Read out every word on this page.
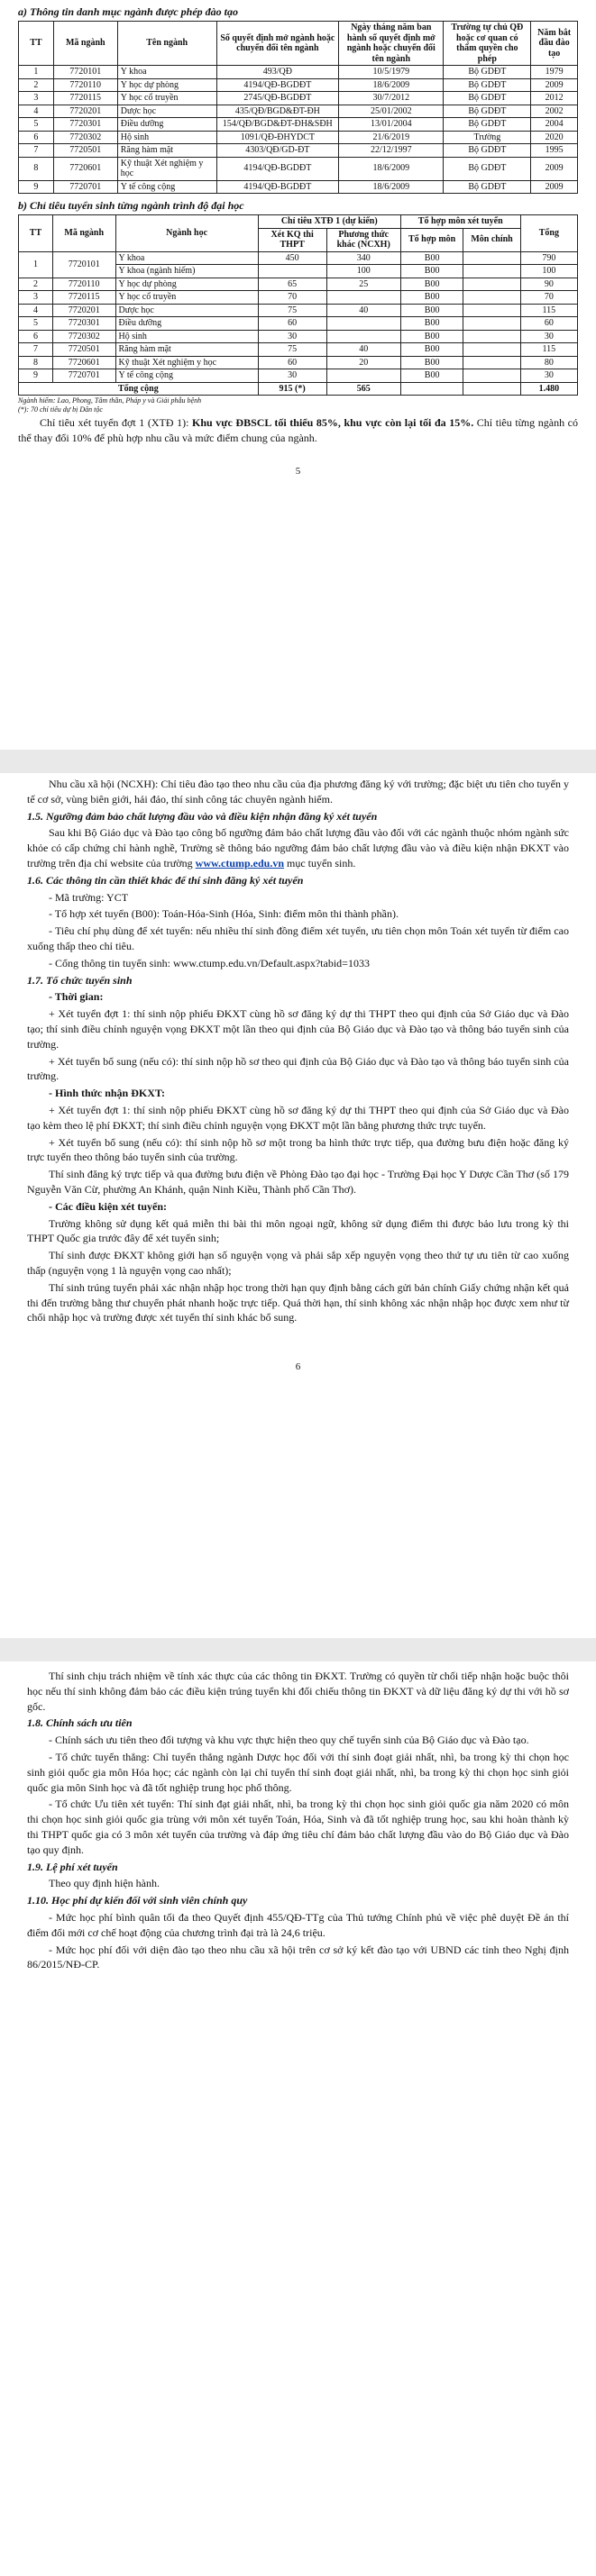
a) Thông tin danh mục ngành được phép đào tạo
TT	Mã ngành	Tên ngành	Số quyết định mở ngành hoặc chuyển đổi tên ngành	Ngày tháng năm ban hành số quyết định mở ngành hoặc chuyển đổi tên ngành	Trường tự chủ QĐ hoặc cơ quan có thẩm quyền cho phép	Năm bắt đầu đào tạo
1	7720101	Y khoa	493/QĐ	10/5/1979	Bộ GDĐT	1979
2	7720110	Y học dự phòng	4194/QĐ-BGDĐT	18/6/2009	Bộ GDĐT	2009
3	7720115	Y học cổ truyền	2745/QĐ-BGDĐT	30/7/2012	Bộ GDĐT	2012
4	7720201	Dược học	435/QĐ/BGD&ĐT-ĐH	25/01/2002	Bộ GDĐT	2002
5	7720301	Điều dưỡng	154/QĐ/BGD&ĐT-ĐH&SĐH	13/01/2004	Bộ GDĐT	2004
6	7720302	Hộ sinh	1091/QĐ-ĐHYDCT	21/6/2019	Trường	2020
7	7720501	Răng hàm mặt	4303/QĐ/GD-ĐT	22/12/1997	Bộ GDĐT	1995
8	7720601	Kỹ thuật Xét nghiệm y học	4194/QĐ-BGDĐT	18/6/2009	Bộ GDĐT	2009
9	7720701	Y tế công cộng	4194/QĐ-BGDĐT	18/6/2009	Bộ GDĐT	2009
b) Chỉ tiêu tuyển sinh từng ngành trình độ đại học
TT	Mã ngành	Ngành học	Chỉ tiêu XTĐ 1 (dự kiến)		Tổ hợp môn xét tuyển		Tổng
			Xét KQ thi THPT	Phương thức khác (NCXH)	Tổ hợp môn	Môn chính	
1	7720101	Y khoa	450	340	B00		790
		Y khoa (ngành hiếm)		100	B00		100
2	7720110	Y học dự phòng	65	25	B00		90
3	7720115	Y học cổ truyền	70		B00		70
4	7720201	Dược học	75	40	B00		115
5	7720301	Điều dưỡng	60		B00		60
6	7720302	Hộ sinh	30		B00		30
7	7720501	Răng hàm mặt	75	40	B00		115
8	7720601	Kỹ thuật Xét nghiệm y học	60	20	B00		80
9	7720701	Y tế công cộng	30		B00		30
Tổng cộng			915 (*)	565			1.480
Ngành hiếm: Lao, Phong, Tâm thần, Pháp y và Giải phẫu bệnh
(*): 70 chỉ tiêu dự bị Dân tộc
Chỉ tiêu xét tuyển đợt 1 (XTĐ 1): Khu vực ĐBSCL tối thiểu 85%, khu vực còn lại tối đa 15%. Chỉ tiêu từng ngành có thể thay đổi 10% để phù hợp nhu cầu và mức điểm chung của ngành.
5
Nhu cầu xã hội (NCXH): Chỉ tiêu đào tạo theo nhu cầu của địa phương đăng ký với trường; đặc biệt ưu tiên cho tuyến y tế cơ sở, vùng biên giới, hải đảo, thí sinh công tác chuyên ngành hiếm.
1.5. Ngưỡng đảm bảo chất lượng đầu vào và điều kiện nhận đăng ký xét tuyển
Sau khi Bộ Giáo dục và Đào tạo công bố ngưỡng đảm bảo chất lượng đầu vào đối với các ngành thuộc nhóm ngành sức khỏe có cấp chứng chỉ hành nghề, Trường sẽ thông báo ngưỡng đảm bảo chất lượng đầu vào và điều kiện nhận ĐKXT vào trường trên địa chỉ website của trường www.ctump.edu.vn mục tuyển sinh.
1.6. Các thông tin cần thiết khác để thí sinh đăng ký xét tuyển
- Mã trường: YCT
- Tổ hợp xét tuyển (B00): Toán-Hóa-Sinh (Hóa, Sinh: điểm môn thi thành phần).
- Tiêu chí phụ dùng để xét tuyển: nếu nhiều thí sinh đồng điểm xét tuyển, ưu tiên chọn môn Toán xét tuyển từ điểm cao xuống thấp theo chỉ tiêu.
- Cổng thông tin tuyển sinh: www.ctump.edu.vn/Default.aspx?tabid=1033
1.7. Tổ chức tuyển sinh
- Thời gian:
+ Xét tuyển đợt 1: thí sinh nộp phiếu ĐKXT cùng hồ sơ đăng ký dự thi THPT theo qui định của Sở Giáo dục và Đào tạo; thí sinh điều chỉnh nguyện vọng ĐKXT một lần theo qui định của Bộ Giáo dục và Đào tạo và thông báo tuyển sinh của trường.
+ Xét tuyển bổ sung (nếu có): thí sinh nộp hồ sơ theo qui định của Bộ Giáo dục và Đào tạo và thông báo tuyển sinh của trường.
- Hình thức nhận ĐKXT:
+ Xét tuyển đợt 1: thí sinh nộp phiếu ĐKXT cùng hồ sơ đăng ký dự thi THPT theo qui định của Sở Giáo dục và Đào tạo kèm theo lệ phí ĐKXT; thí sinh điều chỉnh nguyện vọng ĐKXT một lần bằng phương thức trực tuyến.
+ Xét tuyển bổ sung (nếu có): thí sinh nộp hồ sơ một trong ba hình thức trực tiếp, qua đường bưu điện hoặc đăng ký trực tuyến theo thông báo tuyển sinh của trường.
Thí sinh đăng ký trực tiếp và qua đường bưu điện về Phòng Đào tạo đại học - Trường Đại học Y Dược Cần Thơ (số 179 Nguyễn Văn Cừ, phường An Khánh, quận Ninh Kiều, Thành phố Cần Thơ).
- Các điều kiện xét tuyển:
Trường không sử dụng kết quả miễn thi bài thi môn ngoại ngữ, không sử dụng điểm thi được bảo lưu trong kỳ thi THPT Quốc gia trước đây để xét tuyển sinh;
Thí sinh được ĐKXT không giới hạn số nguyện vọng và phải sắp xếp nguyện vọng theo thứ tự ưu tiên từ cao xuống thấp (nguyện vọng 1 là nguyện vọng cao nhất);
Thí sinh trúng tuyển phải xác nhận nhập học trong thời hạn quy định bằng cách gửi bản chính Giấy chứng nhận kết quả thi đến trường bằng thư chuyển phát nhanh hoặc trực tiếp. Quá thời hạn, thí sinh không xác nhận nhập học được xem như từ chối nhập học và trường được xét tuyển thí sinh khác bổ sung.
6
Thí sinh chịu trách nhiệm về tính xác thực của các thông tin ĐKXT. Trường có quyền từ chối tiếp nhận hoặc buộc thôi học nếu thí sinh không đảm bảo các điều kiện trúng tuyển khi đối chiếu thông tin ĐKXT và dữ liệu đăng ký dự thi với hồ sơ gốc.
1.8. Chính sách ưu tiên
- Chính sách ưu tiên theo đối tượng và khu vực thực hiện theo quy chế tuyển sinh của Bộ Giáo dục và Đào tạo.
- Tổ chức tuyển thẳng: Chỉ tuyển thẳng ngành Dược học đối với thí sinh đoạt giải nhất, nhì, ba trong kỳ thi chọn học sinh giỏi quốc gia môn Hóa học; các ngành còn lại chỉ tuyển thí sinh đoạt giải nhất, nhì, ba trong kỳ thi chọn học sinh giỏi quốc gia môn Sinh học và đã tốt nghiệp trung học phổ thông.
- Tổ chức Ưu tiên xét tuyển: Thí sinh đạt giải nhất, nhì, ba trong kỳ thi chọn học sinh giỏi quốc gia năm 2020 có môn thi chọn học sinh giỏi quốc gia trùng với môn xét tuyển Toán, Hóa, Sinh và đã tốt nghiệp trung học, sau khi hoàn thành kỳ thi THPT quốc gia có 3 môn xét tuyển của trường và đáp ứng tiêu chí đảm bảo chất lượng đầu vào do Bộ Giáo dục và Đào tạo quy định.
1.9. Lệ phí xét tuyển
Theo quy định hiện hành.
1.10. Học phí dự kiến đối với sinh viên chính quy
- Mức học phí bình quân tối đa theo Quyết định 455/QĐ-TTg của Thủ tướng Chính phủ về việc phê duyệt Đề án thí điểm đổi mới cơ chế hoạt động của chương trình đại trà là 24,6 triệu.
- Mức học phí đối với diện đào tạo theo nhu cầu xã hội trên cơ sở ký kết đào tạo với UBND các tỉnh theo Nghị định 86/2015/NĐ-CP.
